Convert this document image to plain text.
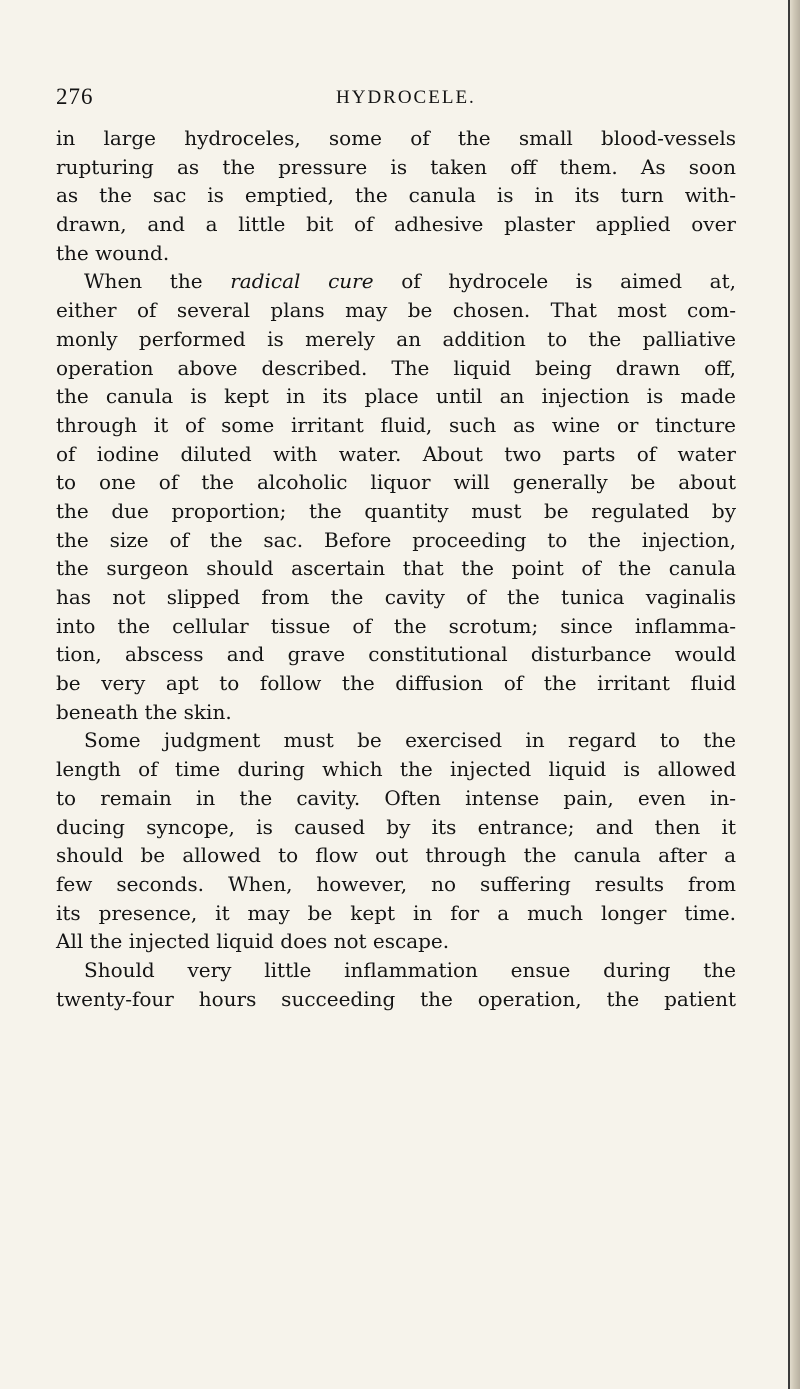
276	HYDROCELE.
in large hydroceles, some of the small blood-vessels
rupturing as the pressure is taken off them. As soon
as the sac is emptied, the canula is in its turn with-
drawn, and a little bit of adhesive plaster applied over
the wound.
When the radical cure of hydrocele is aimed at,
either of several plans may be chosen. That most com-
monly performed is merely an addition to the palliative
operation above described. The liquid being drawn off,
the canula is kept in its place until an injection is made
through it of some irritant fluid, such as wine or tincture
of iodine diluted with water. About two parts of water
to one of the alcoholic liquor will generally be about
the due proportion; the quantity must be regulated by
the size of the sac. Before proceeding to the injection,
the surgeon should ascertain that the point of the canula
has not slipped from the cavity of the tunica vaginalis
into the cellular tissue of the scrotum; since inflamma-
tion, abscess and grave constitutional disturbance would
be very apt to follow the diffusion of the irritant fluid
beneath the skin.
Some judgment must be exercised in regard to the
length of time during which the injected liquid is allowed
to remain in the cavity. Often intense pain, even in-
ducing syncope, is caused by its entrance; and then it
should be allowed to flow out through the canula after a
few seconds. When, however, no suffering results from
its presence, it may be kept in for a much longer time.
All the injected liquid does not escape.
Should very little inflammation ensue during the
twenty-four hours succeeding the operation, the patient
